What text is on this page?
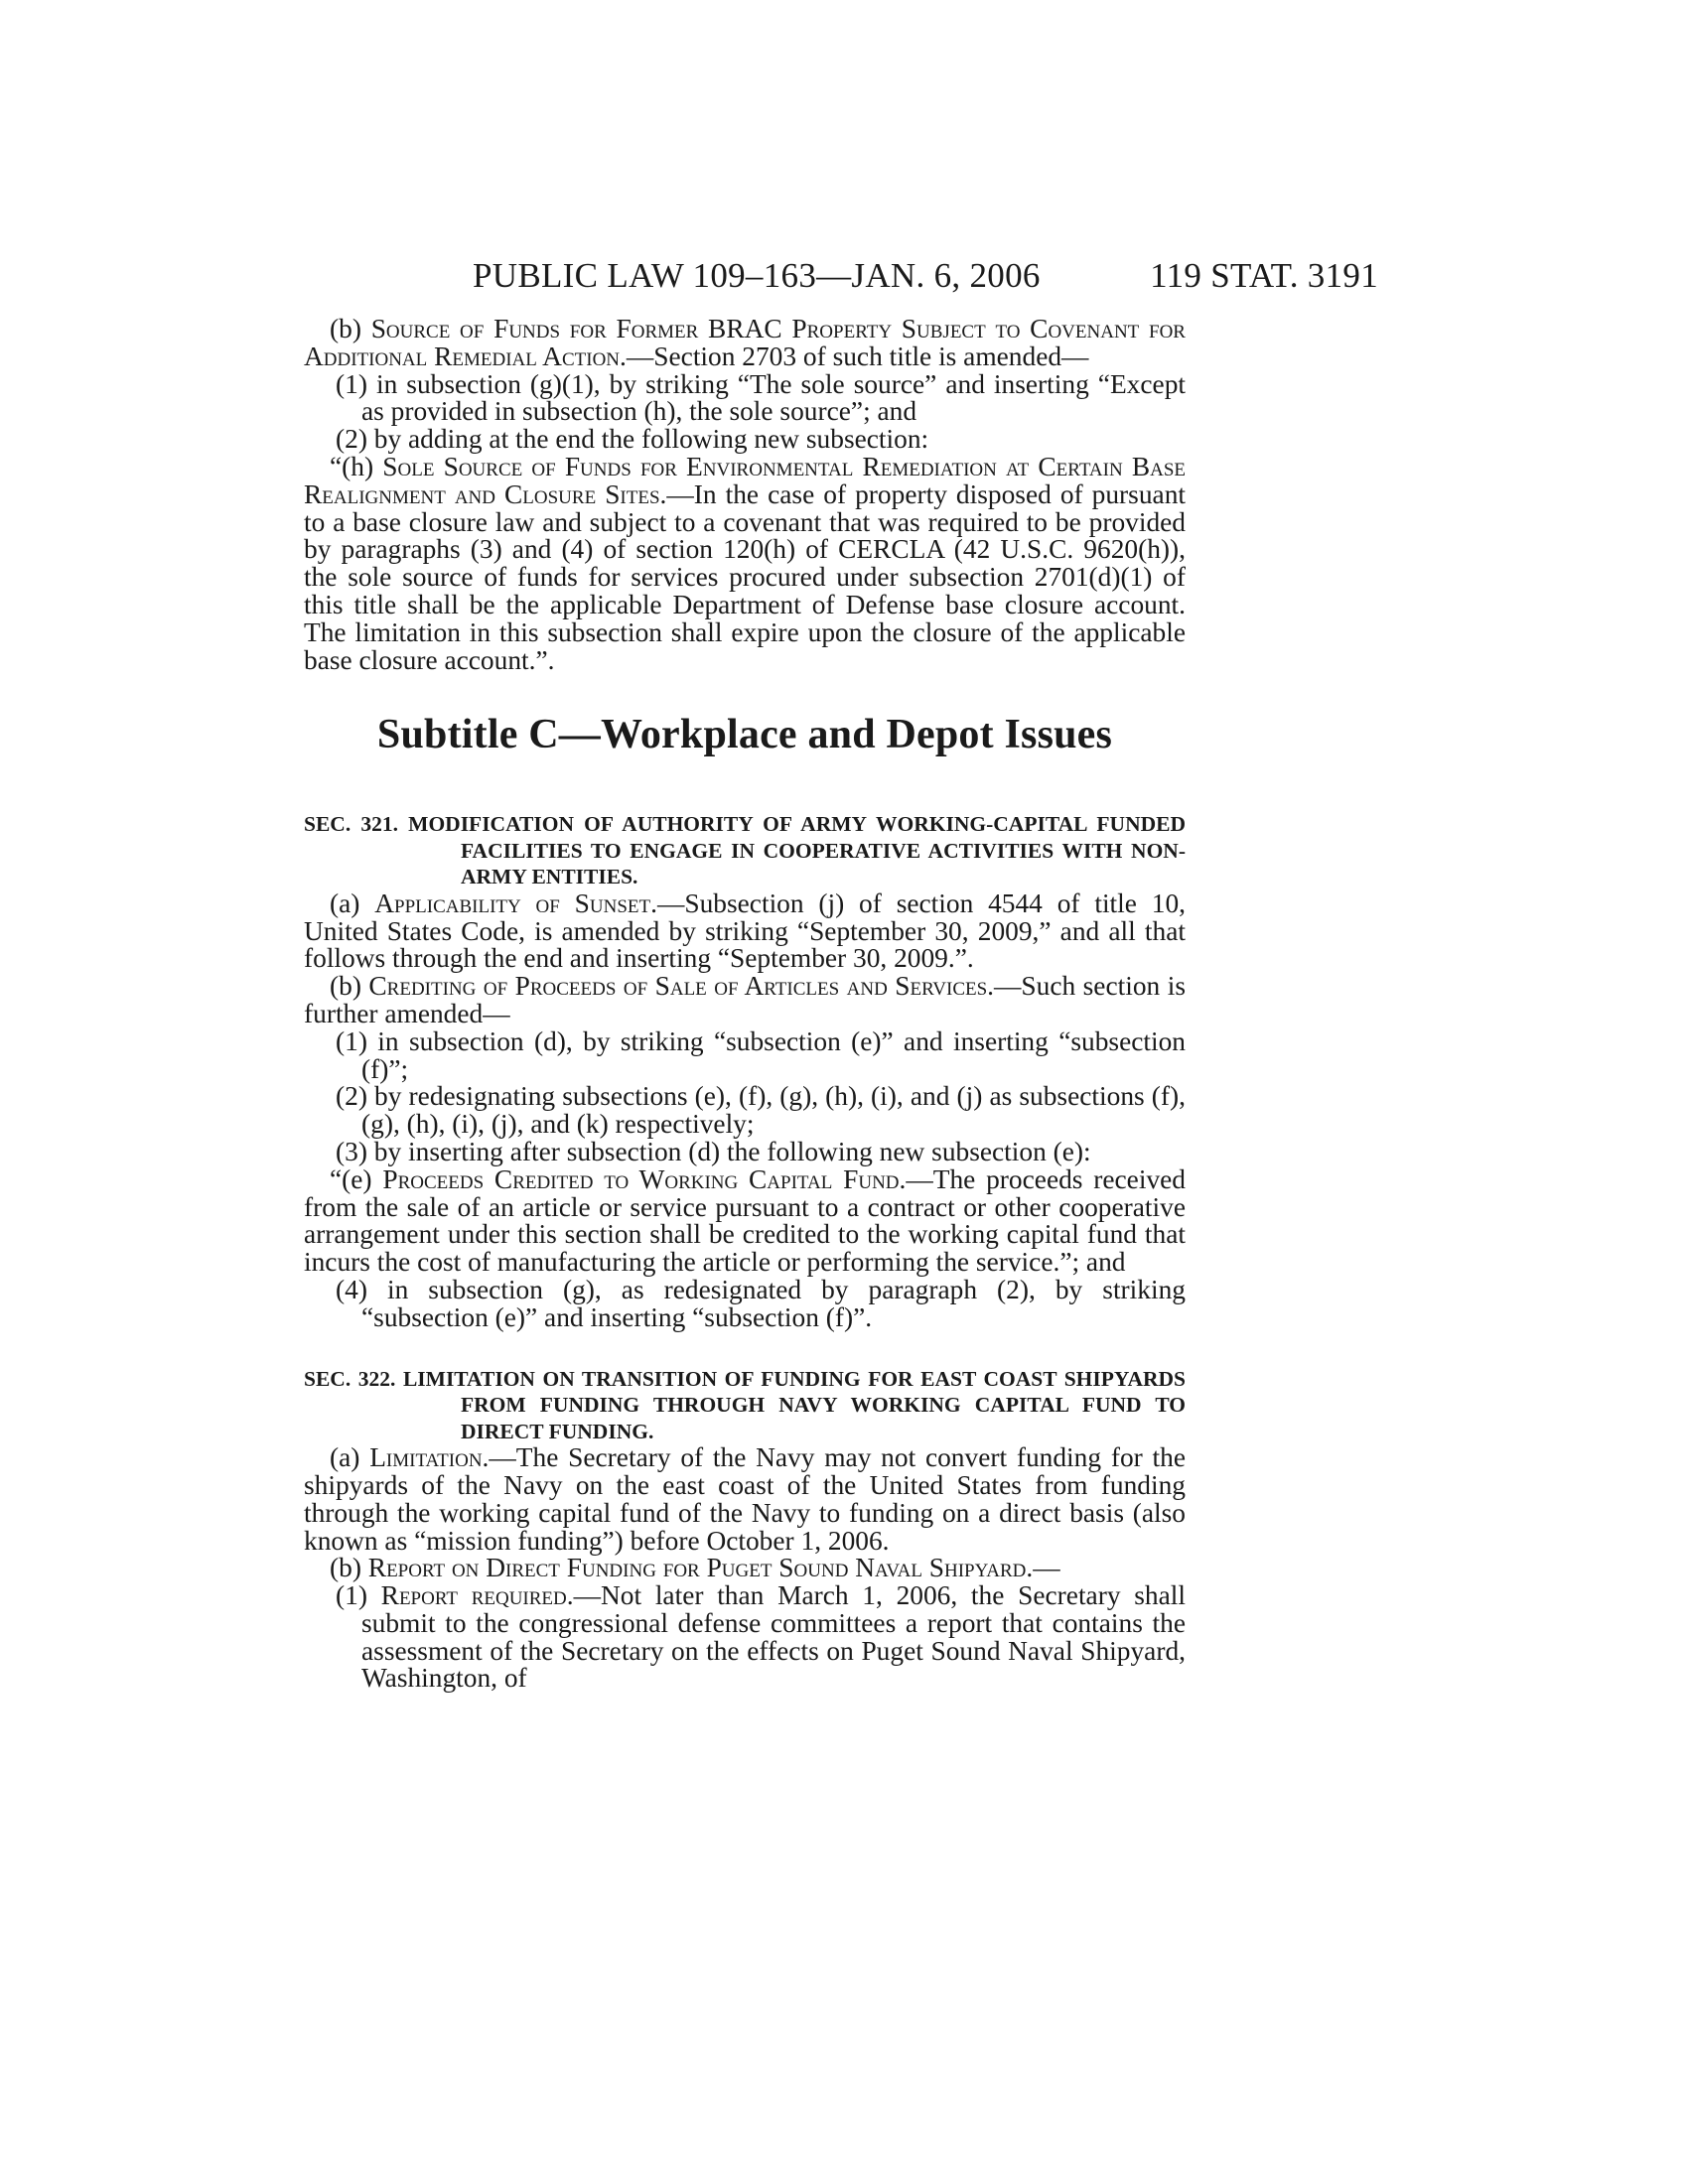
PUBLIC LAW 109–163—JAN. 6, 2006	119 STAT. 3191

(b) Source of Funds for Former BRAC Property Subject to Covenant for Additional Remedial Action.—Section 2703 of such title is amended—

(1) in subsection (g)(1), by striking “The sole source” and inserting “Except as provided in subsection (h), the sole source”; and

(2) by adding at the end the following new subsection:

“(h) Sole Source of Funds for Environmental Remediation at Certain Base Realignment and Closure Sites.—In the case of property disposed of pursuant to a base closure law and subject to a covenant that was required to be provided by paragraphs (3) and (4) of section 120(h) of CERCLA (42 U.S.C. 9620(h)), the sole source of funds for services procured under subsection 2701(d)(1) of this title shall be the applicable Department of Defense base closure account. The limitation in this subsection shall expire upon the closure of the applicable base closure account.”.

Subtitle C—Workplace and Depot Issues

SEC. 321. MODIFICATION OF AUTHORITY OF ARMY WORKING-CAPITAL FUNDED FACILITIES TO ENGAGE IN COOPERATIVE ACTIVITIES WITH NON-ARMY ENTITIES.

(a) Applicability of Sunset.—Subsection (j) of section 4544 of title 10, United States Code, is amended by striking “September 30, 2009,” and all that follows through the end and inserting “September 30, 2009.”.

(b) Crediting of Proceeds of Sale of Articles and Services.—Such section is further amended—

(1) in subsection (d), by striking “subsection (e)” and inserting “subsection (f)”;

(2) by redesignating subsections (e), (f), (g), (h), (i), and (j) as subsections (f), (g), (h), (i), (j), and (k) respectively;

(3) by inserting after subsection (d) the following new subsection (e):

“(e) Proceeds Credited to Working Capital Fund.—The proceeds received from the sale of an article or service pursuant to a contract or other cooperative arrangement under this section shall be credited to the working capital fund that incurs the cost of manufacturing the article or performing the service.”; and

(4) in subsection (g), as redesignated by paragraph (2), by striking “subsection (e)” and inserting “subsection (f)”.

SEC. 322. LIMITATION ON TRANSITION OF FUNDING FOR EAST COAST SHIPYARDS FROM FUNDING THROUGH NAVY WORKING CAPITAL FUND TO DIRECT FUNDING.

(a) Limitation.—The Secretary of the Navy may not convert funding for the shipyards of the Navy on the east coast of the United States from funding through the working capital fund of the Navy to funding on a direct basis (also known as “mission funding”) before October 1, 2006.

(b) Report on Direct Funding for Puget Sound Naval Shipyard.—

(1) Report required.—Not later than March 1, 2006, the Secretary shall submit to the congressional defense committees a report that contains the assessment of the Secretary on the effects on Puget Sound Naval Shipyard, Washington, of
